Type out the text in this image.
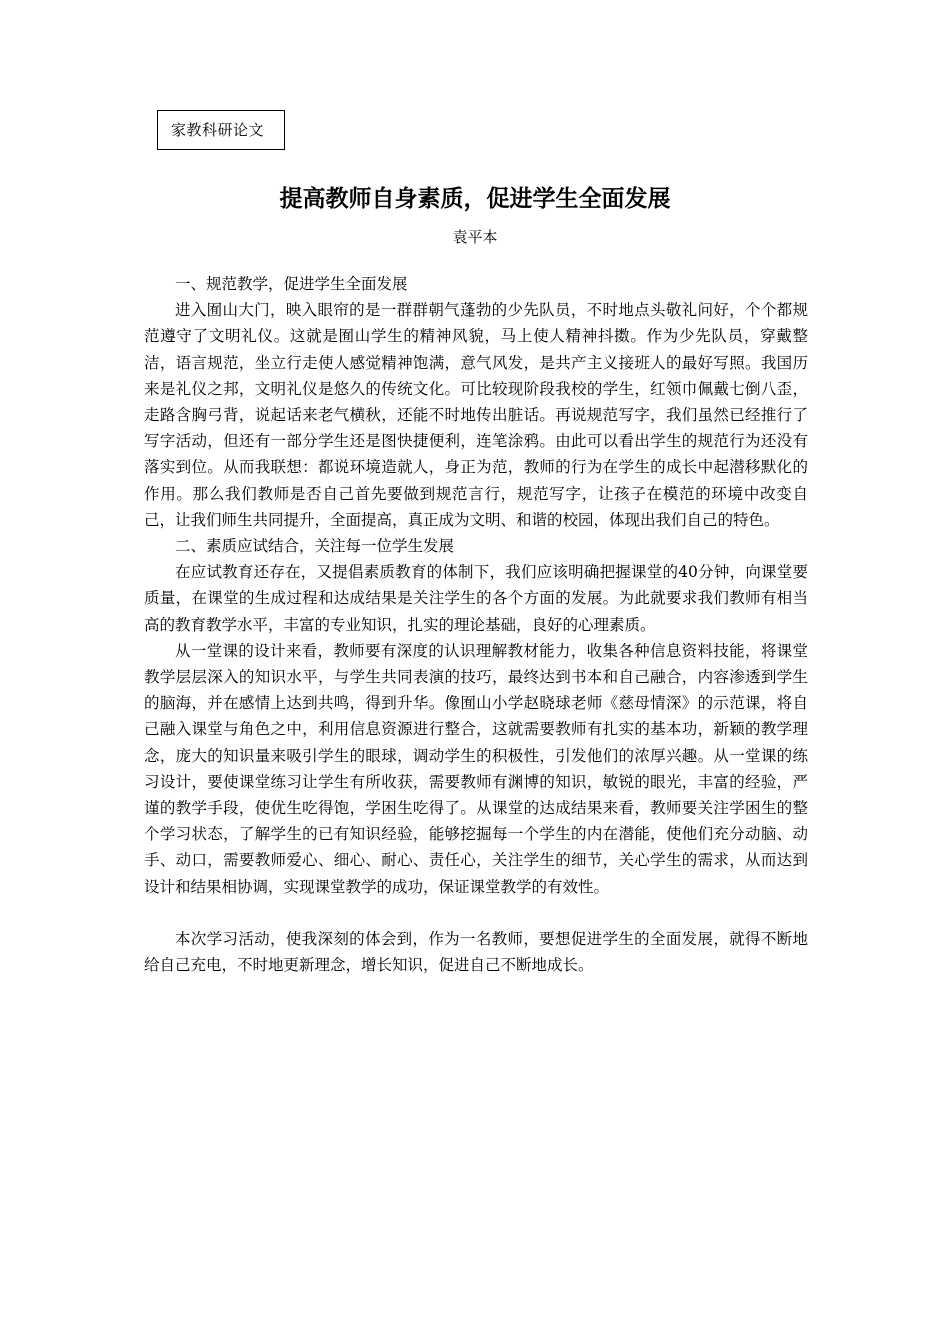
家教科研论文
提高教师自身素质，促进学生全面发展
袁平本

一、规范教学，促进学生全面发展

进入囿山大门，映入眼帘的是一群群朝气蓬勃的少先队员，不时地点头敬礼问好，个个都规范遵守了文明礼仪。这就是囿山学生的精神风貌，马上使人精神抖擞。作为少先队员，穿戴整洁，语言规范，坐立行走使人感觉精神饱满，意气风发，是共产主义接班人的最好写照。我国历来是礼仪之邦，文明礼仪是悠久的传统文化。可比较现阶段我校的学生，红领巾佩戴七倒八歪，走路含胸弓背，说起话来老气横秋，还能不时地传出脏话。再说规范写字，我们虽然已经推行了写字活动，但还有一部分学生还是图快捷便利，连笔涂鸦。由此可以看出学生的规范行为还没有落实到位。从而我联想：都说环境造就人，身正为范，教师的行为在学生的成长中起潜移默化的作用。那么我们教师是否自己首先要做到规范言行，规范写字，让孩子在模范的环境中改变自己，让我们师生共同提升，全面提高，真正成为文明、和谐的校园，体现出我们自己的特色。

二、素质应试结合，关注每一位学生发展

在应试教育还存在，又提倡素质教育的体制下，我们应该明确把握课堂的40分钟，向课堂要质量，在课堂的生成过程和达成结果是关注学生的各个方面的发展。为此就要求我们教师有相当高的教育教学水平，丰富的专业知识，扎实的理论基础，良好的心理素质。

从一堂课的设计来看，教师要有深度的认识理解教材能力，收集各种信息资料技能，将课堂教学层层深入的知识水平，与学生共同表演的技巧，最终达到书本和自己融合，内容渗透到学生的脑海，并在感情上达到共鸣，得到升华。像囿山小学赵晓球老师《慈母情深》的示范课，将自己融入课堂与角色之中，利用信息资源进行整合，这就需要教师有扎实的基本功，新颖的教学理念，庞大的知识量来吸引学生的眼球，调动学生的积极性，引发他们的浓厚兴趣。从一堂课的练习设计，要使课堂练习让学生有所收获，需要教师有渊博的知识，敏锐的眼光，丰富的经验，严谨的教学手段，使优生吃得饱，学困生吃得了。从课堂的达成结果来看，教师要关注学困生的整个学习状态，了解学生的已有知识经验，能够挖掘每一个学生的内在潜能，使他们充分动脑、动手、动口，需要教师爱心、细心、耐心、责任心，关注学生的细节，关心学生的需求，从而达到设计和结果相协调，实现课堂教学的成功，保证课堂教学的有效性。

本次学习活动，使我深刻的体会到，作为一名教师，要想促进学生的全面发展，就得不断地给自己充电，不时地更新理念，增长知识，促进自己不断地成长。
